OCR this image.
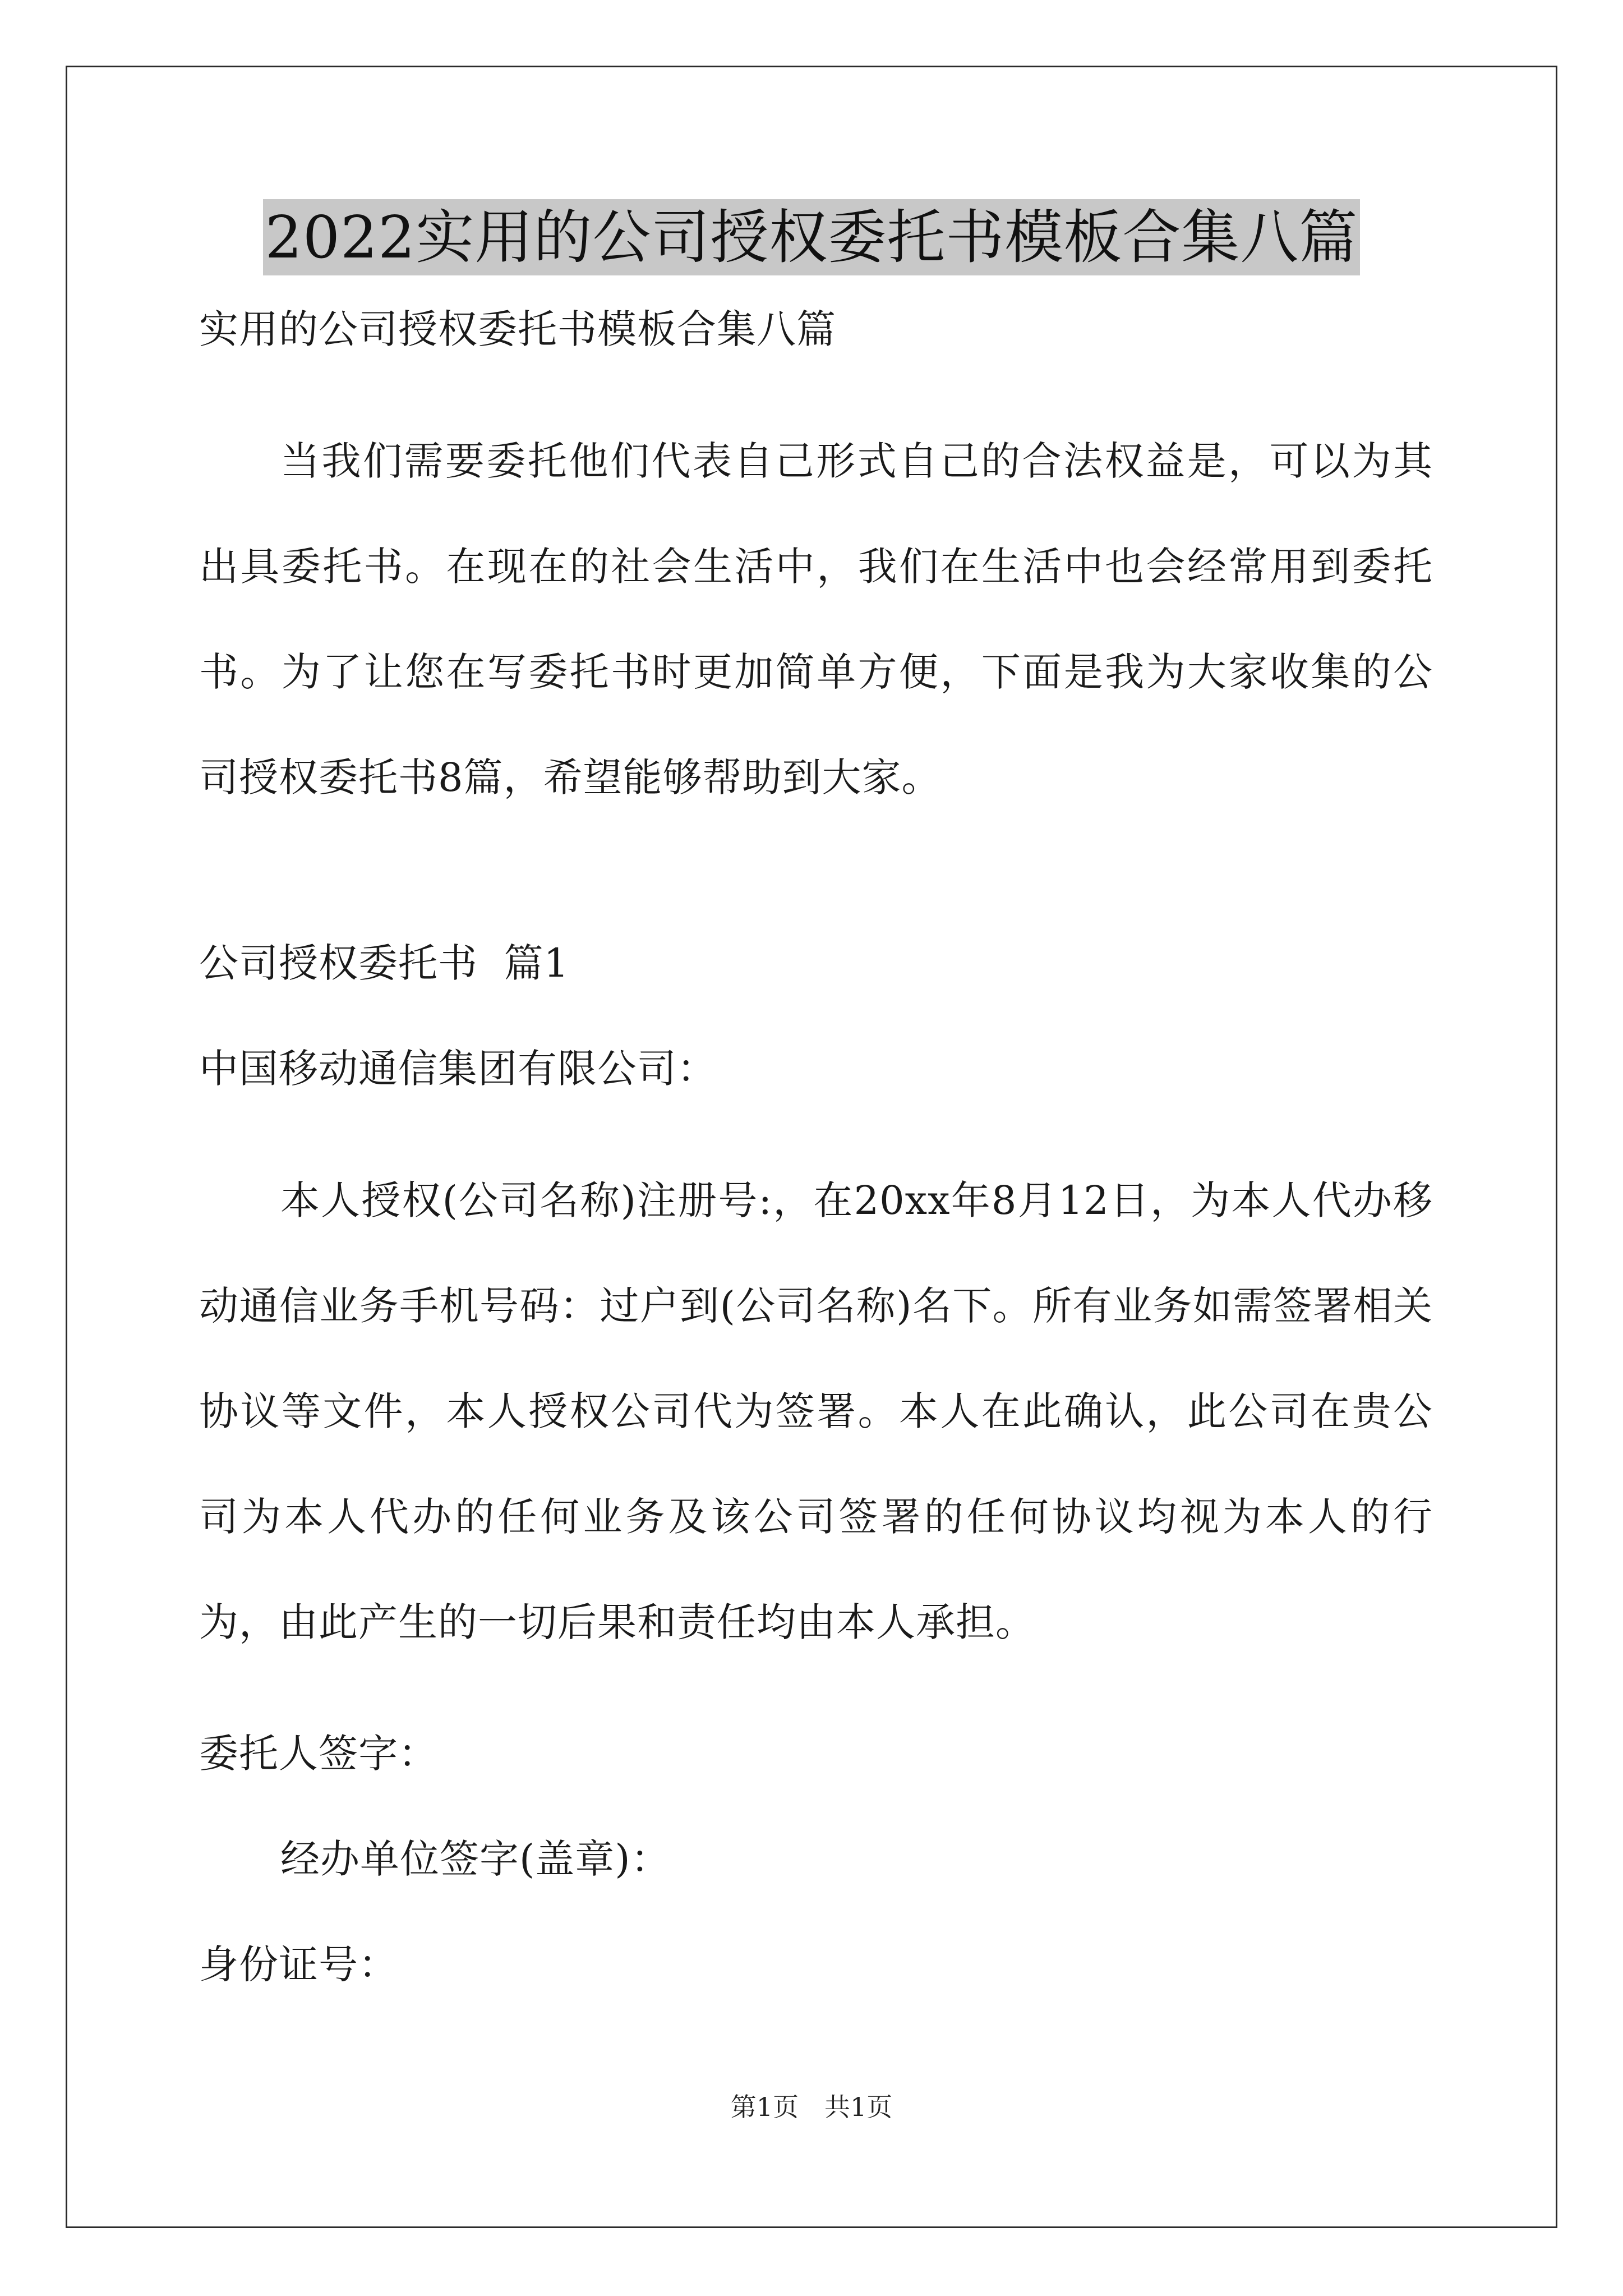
2022实用的公司授权委托书模板合集八篇

实用的公司授权委托书模板合集八篇

当我们需要委托他们代表自己形式自己的合法权益是，可以为其出具委托书。在现在的社会生活中，我们在生活中也会经常用到委托书。为了让您在写委托书时更加简单方便，下面是我为大家收集的公司授权委托书8篇，希望能够帮助到大家。

公司授权委托书  篇1

中国移动通信集团有限公司：

本人授权(公司名称)注册号:，在20xx年8月12日，为本人代办移动通信业务手机号码：过户到(公司名称)名下。所有业务如需签署相关协议等文件，本人授权公司代为签署。本人在此确认，此公司在贵公司为本人代办的任何业务及该公司签署的任何协议均视为本人的行为，由此产生的一切后果和责任均由本人承担。

委托人签字：

经办单位签字(盖章)：

身份证号：

第1页　共1页
